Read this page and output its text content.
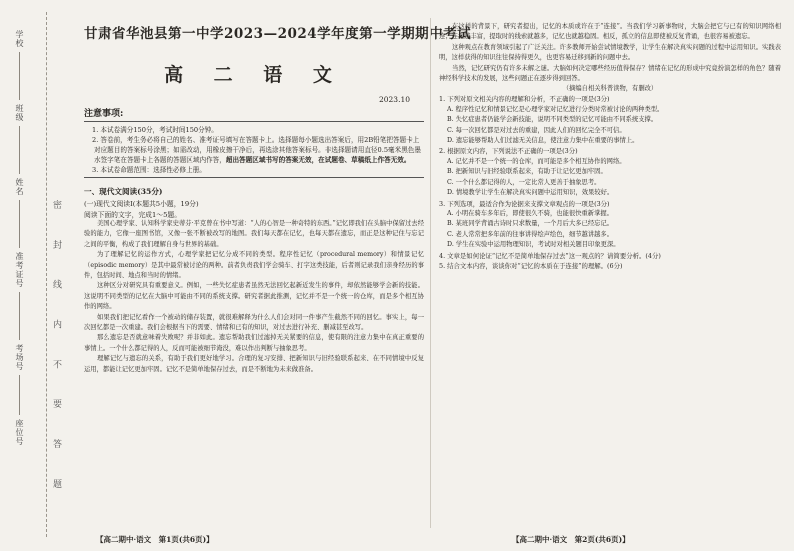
学校
班级
姓名
准考证号
考场号
座位号	密 封 线 内 不 要 答 题
甘肃省华池县第一中学2023—2024学年度第一学期期中考试
高 二 语 文
2023.10
注意事项:
1. 本试卷满分150分，考试时间150分钟。
2. 答卷前，考生务必将自己的姓名、准考证号填写在答题卡上。选择题每小题选出答案后，用2B铅笔把答题卡上对应题目的答案标号涂黑；如需改动，用橡皮擦干净后，再选涂其他答案标号。非选择题请用直径0.5毫米黑色墨水签字笔在答题卡上各题的答题区域内作答，超出答题区域书写的答案无效，在试题卷、草稿纸上作答无效。
3. 本试卷命题范围：选择性必修上册。
一、现代文阅读(35分)
(一)现代文阅读Ⅰ(本题共5小题，19分)
阅读下面的文字，完成1～5题。

美国心理学家、认知科学家史蒂芬·平克曾在书中写道：“人的心智是一种奇特的东西。”记忆即我们在头脑中保留过去经验的能力，它像一座图书馆，又像一张不断被改写的地图。我们每天都在记忆，也每天都在遗忘，而正是这种记住与忘记之间的平衡，构成了我们理解自身与世界的基础。

为了理解记忆的运作方式，心理学家把记忆分成不同的类型。程序性记忆（procedural memory）和情景记忆（episodic memory）是其中最常被讨论的两种。前者负责我们学会骑车、打字这类技能，后者则记录我们亲身经历的事件，包括时间、地点和当时的情绪。

这种区分对研究具有重要意义。例如，一些失忆症患者虽然无法回忆起新近发生的事件，却依然能够学会新的技能。这说明不同类型的记忆在大脑中可能由不同的系统支撑。研究者据此推测，记忆并不是一个统一的仓库，而是多个相互协作的网络。

如果我们把记忆看作一个被动的储存装置，就很难解释为什么人们会对同一件事产生截然不同的回忆。事实上，每一次回忆都是一次重建。我们会根据当下的需要、情绪和已有的知识，对过去进行补充、删减甚至改写。

那么遗忘是否就意味着失败呢？并非如此。遗忘帮助我们过滤掉无关紧要的信息，使有限的注意力集中在真正重要的事情上。一个什么都记得的人，反而可能被细节淹没，难以作出判断与抽象思考。

理解记忆与遗忘的关系，有助于我们更好地学习。合理的复习安排、把新知识与旧经验联系起来、在不同情境中反复运用，都能让记忆更加牢固。记忆不是简单地保存过去，而是不断地为未来做准备。

在这样的背景下，研究者提出，记忆的本质或许在于“连接”。当我们学习新事物时，大脑会把它与已有的知识网络相连；连接越丰富，提取时的线索就越多，记忆也就越稳固。相反，孤立的信息即使被反复背诵，也很容易被遗忘。

这种观点在教育领域引起了广泛关注。许多教师开始尝试情境教学，让学生在解决真实问题的过程中运用知识。实践表明，这样获得的知识往往保持得更久，也更容易迁移到新的问题中去。

当然，记忆研究仍有许多未解之谜。大脑如何决定哪些经历值得保存？情绪在记忆的形成中究竟扮演怎样的角色？随着神经科学技术的发展，这些问题正在逐步得到回答。

（摘编自相关科普读物，有删改）
1. 下列对原文相关内容的理解和分析，不正确的一项是(3分)
A. 程序性记忆和情景记忆是心理学家对记忆进行分类时常被讨论的两种类型。
B. 失忆症患者仍能学会新技能，说明不同类型的记忆可能由不同系统支撑。
C. 每一次回忆都是对过去的重建，因此人们的回忆完全不可信。
D. 遗忘能够帮助人们过滤无关信息，使注意力集中在重要的事情上。
2. 根据原文内容，下列说法不正确的一项是(3分)
A. 记忆并不是一个统一的仓库，而可能是多个相互协作的网络。
B. 把新知识与旧经验联系起来，有助于让记忆更加牢固。
C. 一个什么都记得的人，一定比常人更善于抽象思考。
D. 情境教学让学生在解决真实问题中运用知识，效果较好。
3. 下列选项，最适合作为论据来支撑文章观点的一项是(3分)
A. 小明在骑车多年后，即使很久不骑，也能很快重新掌握。
B. 某班同学背诵古诗时只求数量，一个月后大多已经忘记。
C. 老人常常把多年前的往事讲得绘声绘色，细节越讲越多。
D. 学生在实验中运用物理知识，考试时对相关题目印象更深。
4. 文章是如何论证“记忆不是简单地保存过去”这一观点的？请简要分析。(4分)
5. 结合文本内容，谈谈你对“记忆的本质在于连接”的理解。(6分)
【高二期中·语文　第1页(共6页)】	【高二期中·语文　第2页(共6页)】
